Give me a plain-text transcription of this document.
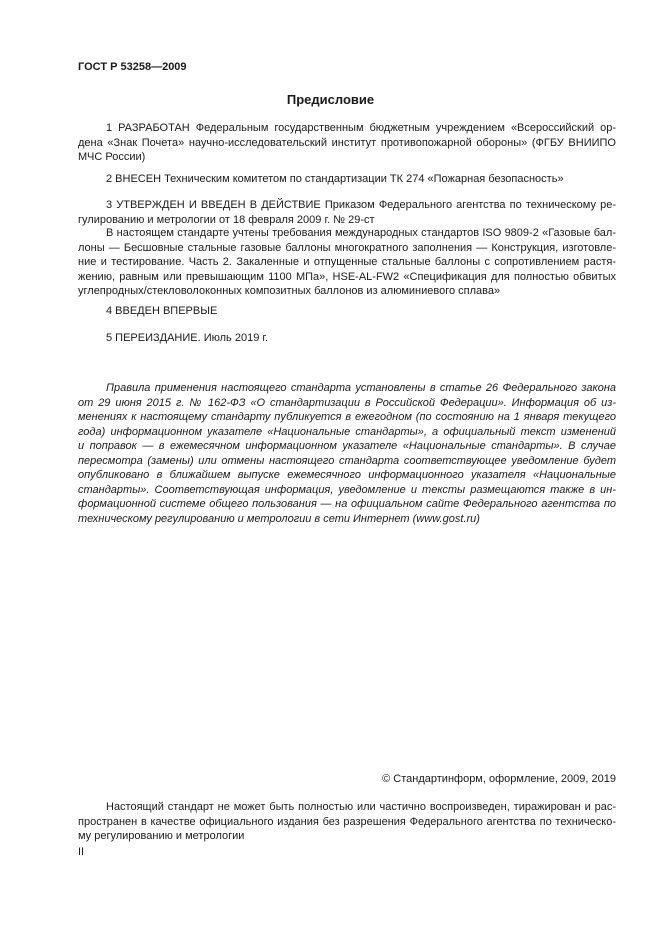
ГОСТ Р 53258—2009
Предисловие
1 РАЗРАБОТАН Федеральным государственным бюджетным учреждением «Всероссийский ор-
дена «Знак Почета» научно-исследовательский институт противопожарной обороны» (ФГБУ ВНИИПО
МЧС России)
2 ВНЕСЕН Техническим комитетом по стандартизации ТК 274 «Пожарная безопасность»
3 УТВЕРЖДЕН И ВВЕДЕН В ДЕЙСТВИЕ Приказом Федерального агентства по техническому ре-
гулированию и метрологии от 18 февраля 2009 г. № 29-ст
В настоящем стандарте учтены требования международных стандартов ISO 9809-2 «Газовые бал-
лоны — Бесшовные стальные газовые баллоны многократного заполнения — Конструкция, изготовле-
ние и тестирование. Часть 2. Закаленные и отпущенные стальные баллоны с сопротивлением растя-
жению, равным или превышающим 1100 МПа», HSE-AL-FW2 «Спецификация для полностью обвитых
углепродных/стекловолоконных композитных баллонов из алюминиевого сплава»
4 ВВЕДЕН ВПЕРВЫЕ
5 ПЕРЕИЗДАНИЕ. Июль 2019 г.
Правила применения настоящего стандарта установлены в статье 26 Федерального закона
от 29 июня 2015 г. № 162-ФЗ «О стандартизации в Российской Федерации». Информация об из-
менениях к настоящему стандарту публикуется в ежегодном (по состоянию на 1 января текущего
года) информационном указателе «Национальные стандарты», а официальный текст изменений
и поправок — в ежемесячном информационном указателе «Национальные стандарты». В случае
пересмотра (замены) или отмены настоящего стандарта соответствующее уведомление будет
опубликовано в ближайшем выпуске ежемесячного информационного указателя «Национальные
стандарты». Соответствующая информация, уведомление и тексты размещаются также в ин-
формационной системе общего пользования — на официальном сайте Федерального агентства по
техническому регулированию и метрологии в сети Интернет (www.gost.ru)
© Стандартинформ, оформление, 2009, 2019
Настоящий стандарт не может быть полностью или частично воспроизведен, тиражирован и рас-
пространен в качестве официального издания без разрешения Федерального агентства по техническо-
му регулированию и метрологии
II
